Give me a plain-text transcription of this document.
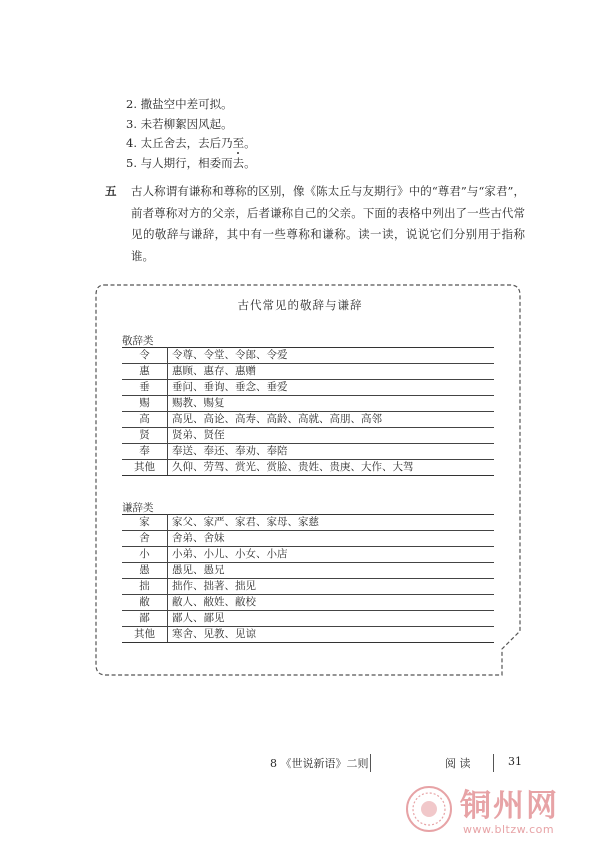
2. 撒盐空中差可拟。
3. 未若柳絮因风起。
4. 太丘舍去，去后乃至。
5. 与人期行，相委而去。
五 古人称谓有谦称和尊称的区别，像《陈太丘与友期行》中的“尊君”与“家君”，前者尊称对方的父亲，后者谦称自己的父亲。下面的表格中列出了一些古代常见的敬辞与谦辞，其中有一些尊称和谦称。读一读，说说它们分别用于指称谁。
古代常见的敬辞与谦辞
敬辞类
令	令尊、令堂、令郎、令爱
惠	惠顾、惠存、惠赠
垂	垂问、垂询、垂念、垂爱
赐	赐教、赐复
高	高见、高论、高寿、高龄、高就、高朋、高邻
贤	贤弟、贤侄
奉	奉送、奉还、奉劝、奉陪
其他	久仰、劳驾、赏光、赏脸、贵姓、贵庚、大作、大驾
谦辞类
家	家父、家严、家君、家母、家慈
舍	舍弟、舍妹
小	小弟、小儿、小女、小店
愚	愚见、愚兄
拙	拙作、拙著、拙见
敝	敝人、敝姓、敝校
鄙	鄙人、鄙见
其他	寒舍、见教、见谅
8 《世说新语》二则	阅 读	31
铜州网
www.bltzw.com
